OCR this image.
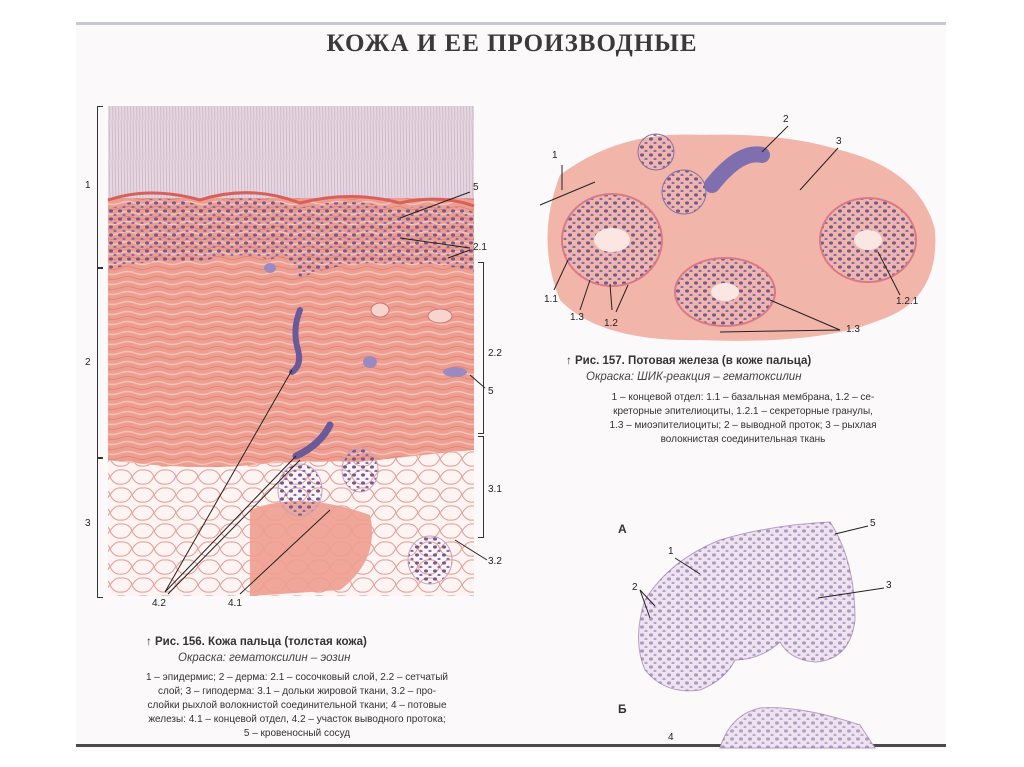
КОЖА И ЕЕ ПРОИЗВОДНЫЕ
1
2
3
5
2.1
2.2
5
3.1
3.2
4.2	4.1
↑ Рис. 156. Кожа пальца (толстая кожа)
Окраска: гематоксилин – эозин
1 – эпидермис; 2 – дерма: 2.1 – сосочковый слой, 2.2 – сетчатый
слой; 3 – гиподерма: 3.1 – дольки жировой ткани, 3.2 – про-
слойки рыхлой волокнистой соединительной ткани; 4 – потовые
железы: 4.1 – концевой отдел, 4.2 – участок выводного протока;
5 – кровеносный сосуд
1
2
3
1.1
1.3
1.2
1.3
1.2.1
↑ Рис. 157. Потовая железа (в коже пальца)
Окраска: ШИК-реакция – гематоксилин
1 – концевой отдел: 1.1 – базальная мембрана, 1.2 – се-
креторные эпителиоциты, 1.2.1 – секреторные гранулы,
1.3 – миоэпителиоциты; 2 – выводной проток; 3 – рыхлая
волокнистая соединительная ткань
А
1
2	3
5
Б
4
